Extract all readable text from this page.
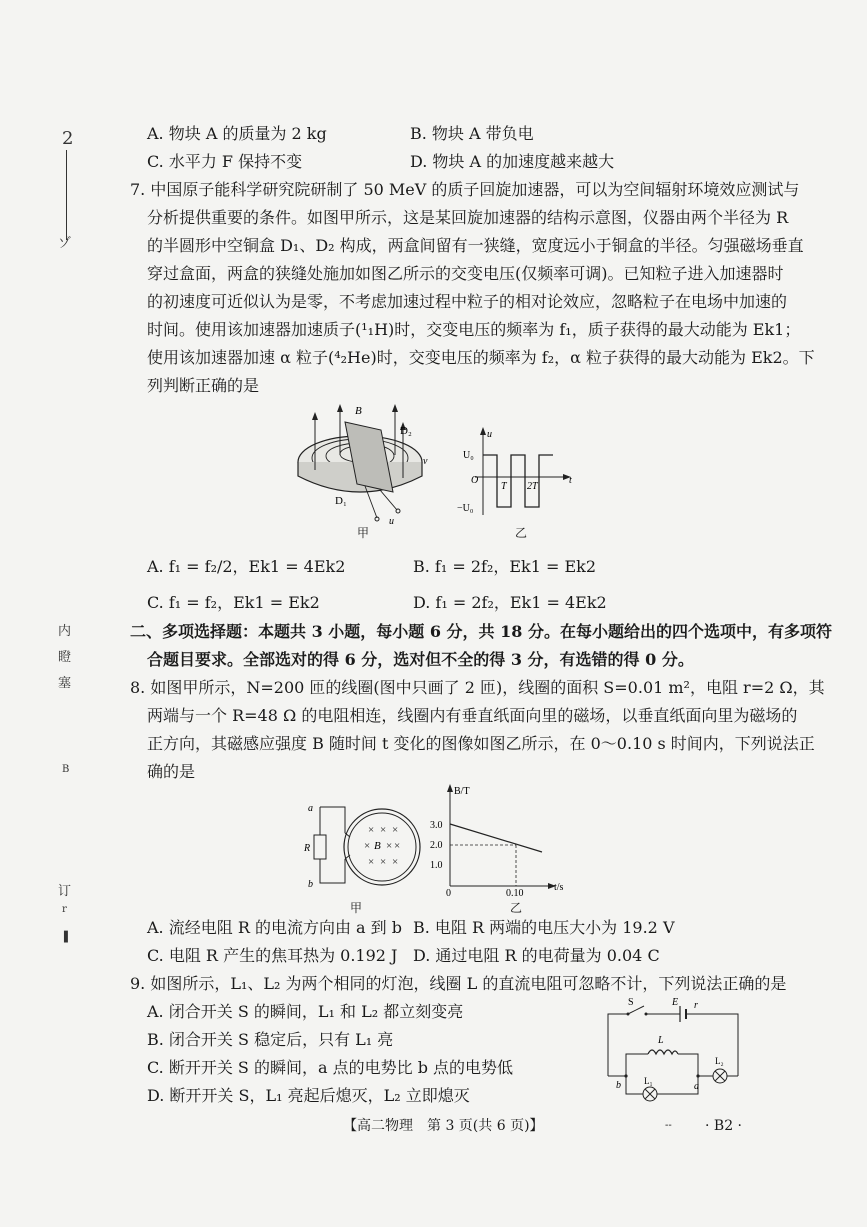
2
ゾ
内
瞪
塞
B
订
r
▐
A. 物块 A 的质量为 2 kg	B. 物块 A 带负电
C. 水平力 F 保持不变	D. 物块 A 的加速度越来越大
7. 中国原子能科学研究院研制了 50 MeV 的质子回旋加速器，可以为空间辐射环境效应测试与
分析提供重要的条件。如图甲所示，这是某回旋加速器的结构示意图，仪器由两个半径为 R
的半圆形中空铜盒 D₁、D₂ 构成，两盒间留有一狭缝，宽度远小于铜盒的半径。匀强磁场垂直
穿过盒面，两盒的狭缝处施加如图乙所示的交变电压(仅频率可调)。已知粒子进入加速器时
的初速度可近似认为是零，不考虑加速过程中粒子的相对论效应，忽略粒子在电场中加速的
时间。使用该加速器加速质子(¹₁H)时，交变电压的频率为 f₁，质子获得的最大动能为 Ek1；
使用该加速器加速 α 粒子(⁴₂He)时，交变电压的频率为 f₂，α 粒子获得的最大动能为 Ek2。下
列判断正确的是
B
D₂
D₁
v
u
甲
u
U₀
−U₀
O
T 2T
t
乙
A. f₁ = f₂/2，Ek1 = 4Ek2	B. f₁ = 2f₂，Ek1 = Ek2
C. f₁ = f₂，Ek1 = Ek2	D. f₁ = 2f₂，Ek1 = 4Ek2
二、多项选择题：本题共 3 小题，每小题 6 分，共 18 分。在每小题给出的四个选项中，有多项符
合题目要求。全部选对的得 6 分，选对但不全的得 3 分，有选错的得 0 分。
8. 如图甲所示，N=200 匝的线圈(图中只画了 2 匝)，线圈的面积 S=0.01 m²，电阻 r=2 Ω，其
两端与一个 R=48 Ω 的电阻相连，线圈内有垂直纸面向里的磁场，以垂直纸面向里为磁场的
正方向，其磁感应强度 B 随时间 t 变化的图像如图乙所示，在 0～0.10 s 时间内，下列说法正
确的是
× × ×
× ×
× × ×
×
B
a
b
R
甲
B/T
t/s
3.0
2.0
1.0
0	0.10
乙
A. 流经电阻 R 的电流方向由 a 到 b B. 电阻 R 两端的电压大小为 19.2 V
C. 电阻 R 产生的焦耳热为 0.192 J D. 通过电阻 R 的电荷量为 0.04 C
9. 如图所示，L₁、L₂ 为两个相同的灯泡，线圈 L 的直流电阻可忽略不计，下列说法正确的是
A. 闭合开关 S 的瞬间，L₁ 和 L₂ 都立刻变亮
B. 闭合开关 S 稳定后，只有 L₁ 亮
C. 断开开关 S 的瞬间，a 点的电势比 b 点的电势低
D. 断开开关 S，L₁ 亮起后熄灭，L₂ 立即熄灭
S	E r
L
L₁
L₂
a
b
【高二物理　第 3 页(共 6 页)】	-- · B2 ·
